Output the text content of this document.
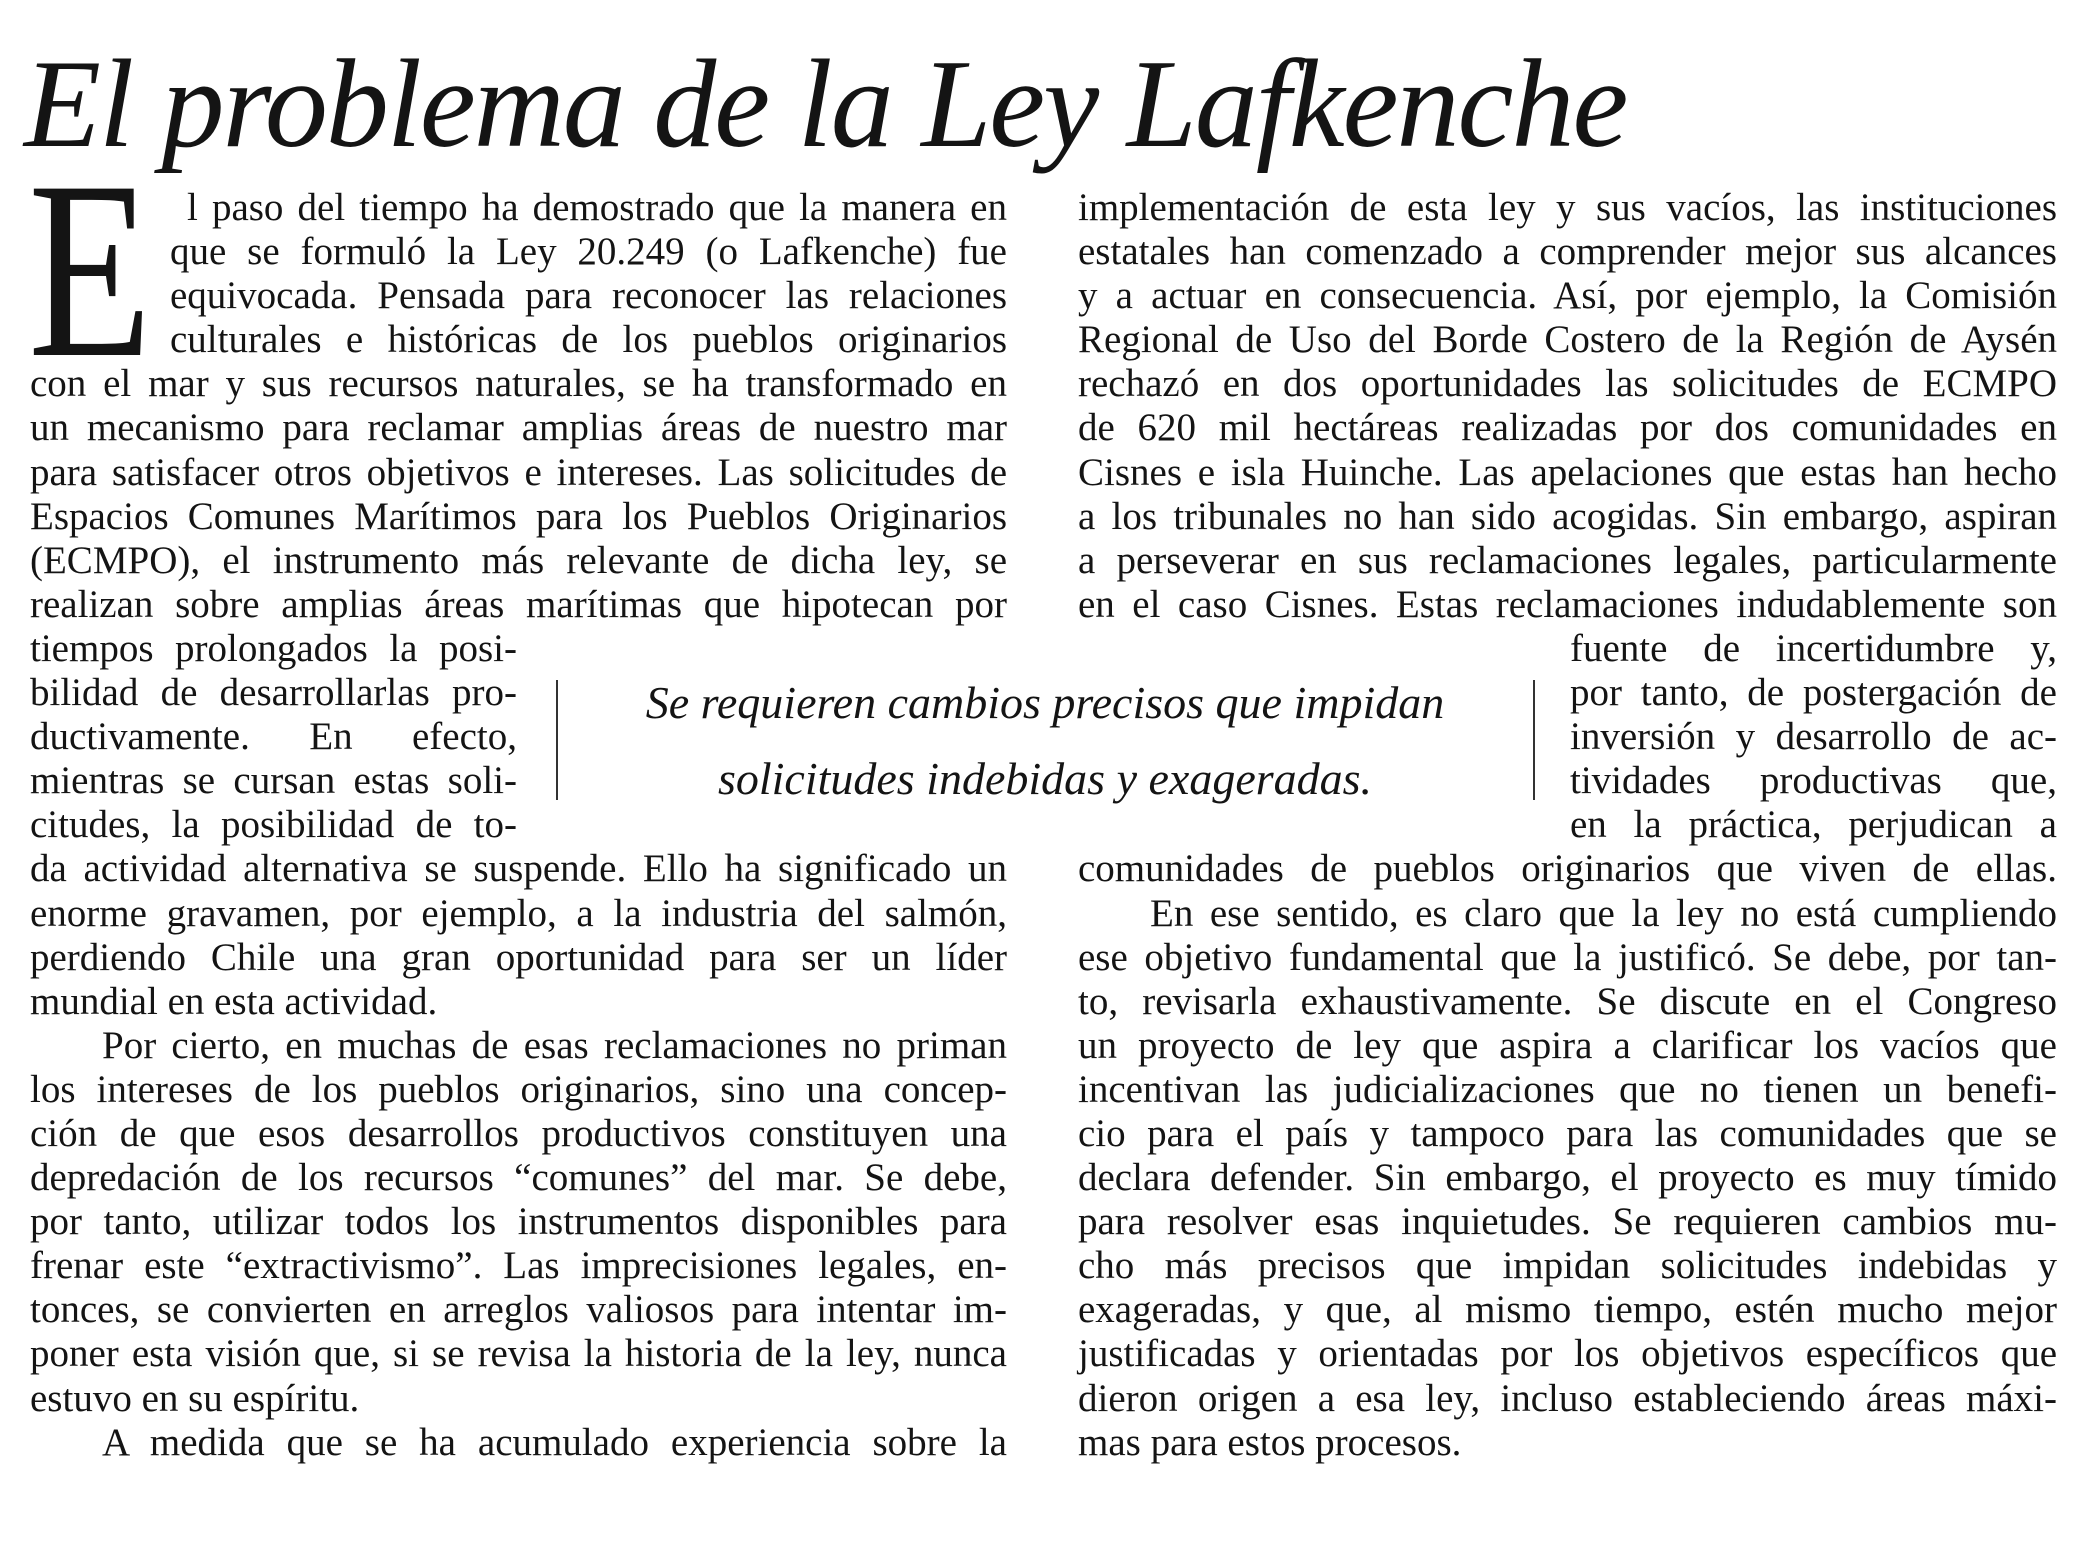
El problema de la Ley Lafkenche
E l paso del tiempo ha demostrado que la manera en
que se formuló la Ley 20.249 (o Lafkenche) fue
equivocada. Pensada para reconocer las relaciones
culturales e históricas de los pueblos originarios
con el mar y sus recursos naturales, se ha transformado en
un mecanismo para reclamar amplias áreas de nuestro mar
para satisfacer otros objetivos e intereses. Las solicitudes de
Espacios Comunes Marítimos para los Pueblos Originarios
(ECMPO), el instrumento más relevante de dicha ley, se
realizan sobre amplias áreas marítimas que hipotecan por
tiempos prolongados la posi-
bilidad de desarrollarlas pro-
ductivamente. En efecto,
mientras se cursan estas soli-
citudes, la posibilidad de to-
da actividad alternativa se suspende. Ello ha significado un
enorme gravamen, por ejemplo, a la industria del salmón,
perdiendo Chile una gran oportunidad para ser un líder
mundial en esta actividad.
Por cierto, en muchas de esas reclamaciones no priman
los intereses de los pueblos originarios, sino una concep-
ción de que esos desarrollos productivos constituyen una
depredación de los recursos “comunes” del mar. Se debe,
por tanto, utilizar todos los instrumentos disponibles para
frenar este “extractivismo”. Las imprecisiones legales, en-
tonces, se convierten en arreglos valiosos para intentar im-
poner esta visión que, si se revisa la historia de la ley, nunca
estuvo en su espíritu.
A medida que se ha acumulado experiencia sobre la
implementación de esta ley y sus vacíos, las instituciones
estatales han comenzado a comprender mejor sus alcances
y a actuar en consecuencia. Así, por ejemplo, la Comisión
Regional de Uso del Borde Costero de la Región de Aysén
rechazó en dos oportunidades las solicitudes de ECMPO
de 620 mil hectáreas realizadas por dos comunidades en
Cisnes e isla Huinche. Las apelaciones que estas han hecho
a los tribunales no han sido acogidas. Sin embargo, aspiran
a perseverar en sus reclamaciones legales, particularmente
en el caso Cisnes. Estas reclamaciones indudablemente son
fuente de incertidumbre y,
por tanto, de postergación de
inversión y desarrollo de ac-
tividades productivas que,
en la práctica, perjudican a
comunidades de pueblos originarios que viven de ellas.
En ese sentido, es claro que la ley no está cumpliendo
ese objetivo fundamental que la justificó. Se debe, por tan-
to, revisarla exhaustivamente. Se discute en el Congreso
un proyecto de ley que aspira a clarificar los vacíos que
incentivan las judicializaciones que no tienen un benefi-
cio para el país y tampoco para las comunidades que se
declara defender. Sin embargo, el proyecto es muy tímido
para resolver esas inquietudes. Se requieren cambios mu-
cho más precisos que impidan solicitudes indebidas y
exageradas, y que, al mismo tiempo, estén mucho mejor
justificadas y orientadas por los objetivos específicos que
dieron origen a esa ley, incluso estableciendo áreas máxi-
mas para estos procesos.
Se requieren cambios precisos que impidan
solicitudes indebidas y exageradas.
